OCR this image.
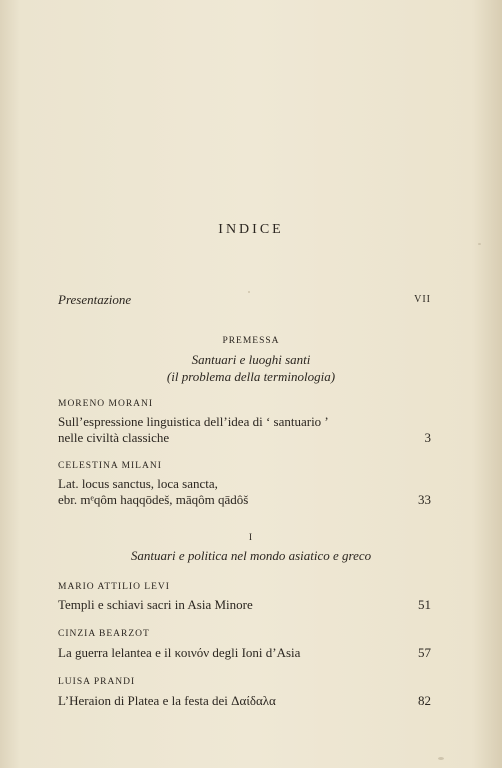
INDICE
Presentazione	VII
PREMESSA
Santuari e luoghi santi
(il problema della terminologia)
MORENO MORANI
Sull’espressione linguistica dell’idea di ‘ santuario ’
nelle civiltà classiche	3
CELESTINA MILANI
Lat. locus sanctus, loca sancta,
ebr. mᵉqôm haqqōdeš, māqôm qādôš	33
I
Santuari e politica nel mondo asiatico e greco
MARIO ATTILIO LEVI
Templi e schiavi sacri in Asia Minore	51
CINZIA BEARZOT
La guerra lelantea e il κοινόν degli Ioni d’Asia	57
LUISA PRANDI
L’Heraion di Platea e la festa dei Δαίδαλα	82
